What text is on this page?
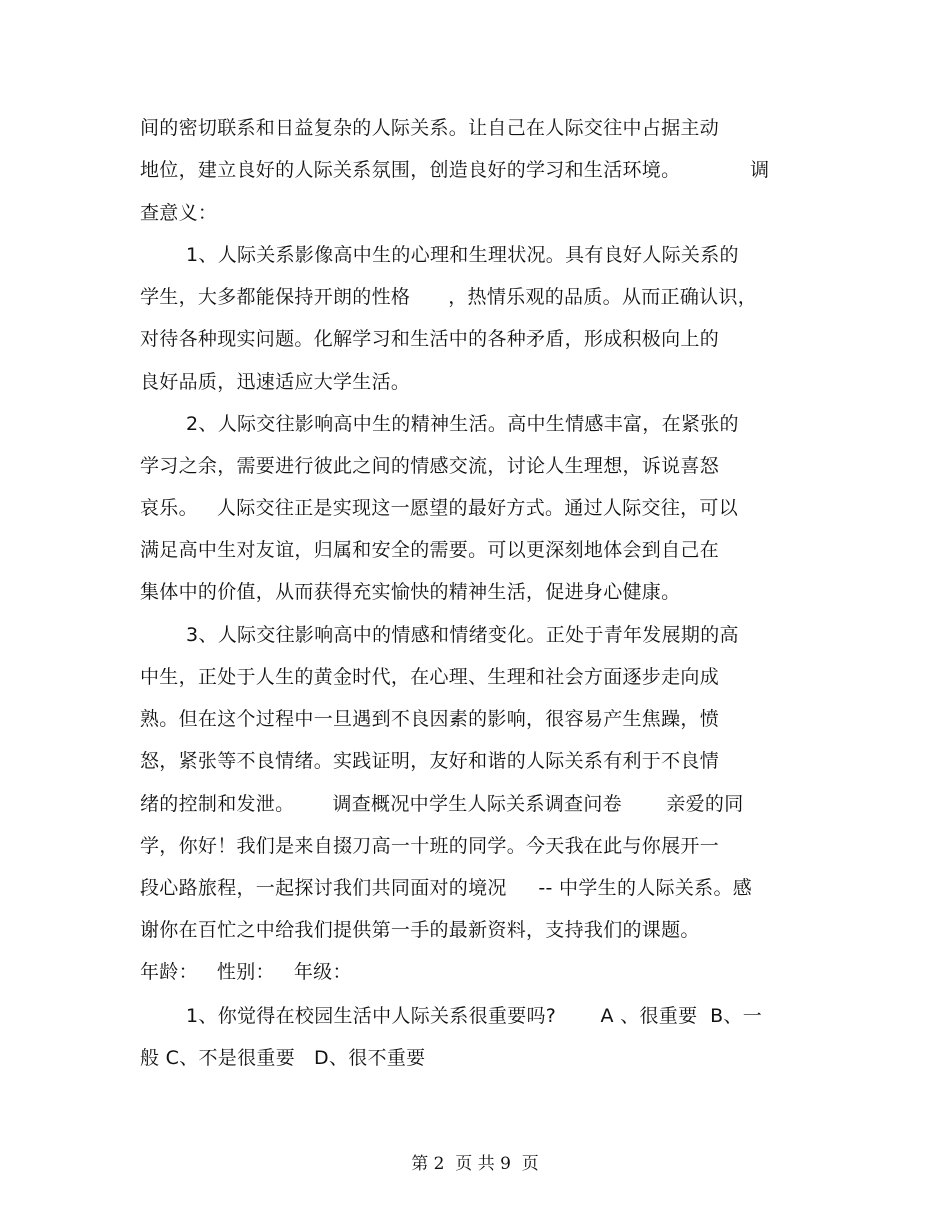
间的密切联系和日益复杂的人际关系。让自己在人际交往中占据主动
地位，建立良好的人际关系氛围，创造良好的学习和生活环境。           调
查意义：
1、人际关系影像高中生的心理和生理状况。具有良好人际关系的
学生，大多都能保持开朗的性格      ，热情乐观的品质。从而正确认识，
对待各种现实问题。化解学习和生活中的各种矛盾，形成积极向上的
良好品质，迅速适应大学生活。
2、人际交往影响高中生的精神生活。高中生情感丰富，在紧张的
学习之余，需要进行彼此之间的情感交流，讨论人生理想，诉说喜怒
哀乐。   人际交往正是实现这一愿望的最好方式。通过人际交往，可以
满足高中生对友谊，归属和安全的需要。可以更深刻地体会到自己在
集体中的价值，从而获得充实愉快的精神生活，促进身心健康。
3、人际交往影响高中的情感和情绪变化。正处于青年发展期的高
中生，正处于人生的黄金时代，在心理、生理和社会方面逐步走向成
熟。但在这个过程中一旦遇到不良因素的影响，很容易产生焦躁，愤
怒，紧张等不良情绪。实践证明，友好和谐的人际关系有利于不良情
绪的控制和发泄。      调查概况中学生人际关系调查问卷       亲爱的同
学，你好！我们是来自掇刀高一十班的同学。今天我在此与你展开一
段心路旅程，一起探讨我们共同面对的境况     -- 中学生的人际关系。感
谢你在百忙之中给我们提供第一手的最新资料，支持我们的课题。
年龄：   性别：   年级：
1、你觉得在校园生活中人际关系很重要吗?       A 、很重要  B、一
般 C、不是很重要   D、很不重要
第 2  页 共 9  页
